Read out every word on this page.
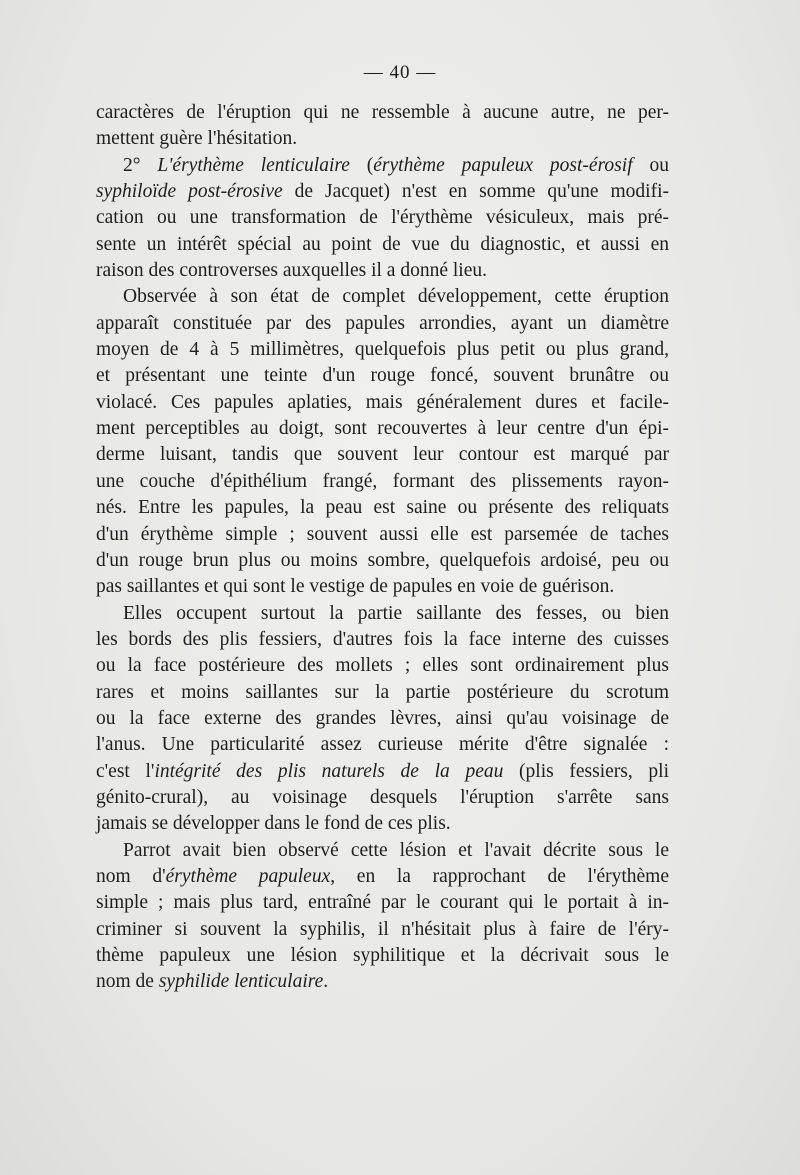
— 40 —
caractères de l'éruption qui ne ressemble à aucune autre, ne per-
mettent guère l'hésitation.
2° L'érythème lenticulaire (érythème papuleux post-érosif ou
syphiloïde post-érosive de Jacquet) n'est en somme qu'une modifi-
cation ou une transformation de l'érythème vésiculeux, mais pré-
sente un intérêt spécial au point de vue du diagnostic, et aussi en
raison des controverses auxquelles il a donné lieu.
Observée à son état de complet développement, cette éruption
apparaît constituée par des papules arrondies, ayant un diamètre
moyen de 4 à 5 millimètres, quelquefois plus petit ou plus grand,
et présentant une teinte d'un rouge foncé, souvent brunâtre ou
violacé. Ces papules aplaties, mais généralement dures et facile-
ment perceptibles au doigt, sont recouvertes à leur centre d'un épi-
derme luisant, tandis que souvent leur contour est marqué par
une couche d'épithélium frangé, formant des plissements rayon-
nés. Entre les papules, la peau est saine ou présente des reliquats
d'un érythème simple ; souvent aussi elle est parsemée de taches
d'un rouge brun plus ou moins sombre, quelquefois ardoisé, peu ou
pas saillantes et qui sont le vestige de papules en voie de guérison.
Elles occupent surtout la partie saillante des fesses, ou bien
les bords des plis fessiers, d'autres fois la face interne des cuisses
ou la face postérieure des mollets ; elles sont ordinairement plus
rares et moins saillantes sur la partie postérieure du scrotum
ou la face externe des grandes lèvres, ainsi qu'au voisinage de
l'anus. Une particularité assez curieuse mérite d'être signalée :
c'est l'intégrité des plis naturels de la peau (plis fessiers, pli
génito-crural), au voisinage desquels l'éruption s'arrête sans
jamais se développer dans le fond de ces plis.
Parrot avait bien observé cette lésion et l'avait décrite sous le
nom d'érythème papuleux, en la rapprochant de l'érythème
simple ; mais plus tard, entraîné par le courant qui le portait à in-
criminer si souvent la syphilis, il n'hésitait plus à faire de l'éry-
thème papuleux une lésion syphilitique et la décrivait sous le
nom de syphilide lenticulaire.
